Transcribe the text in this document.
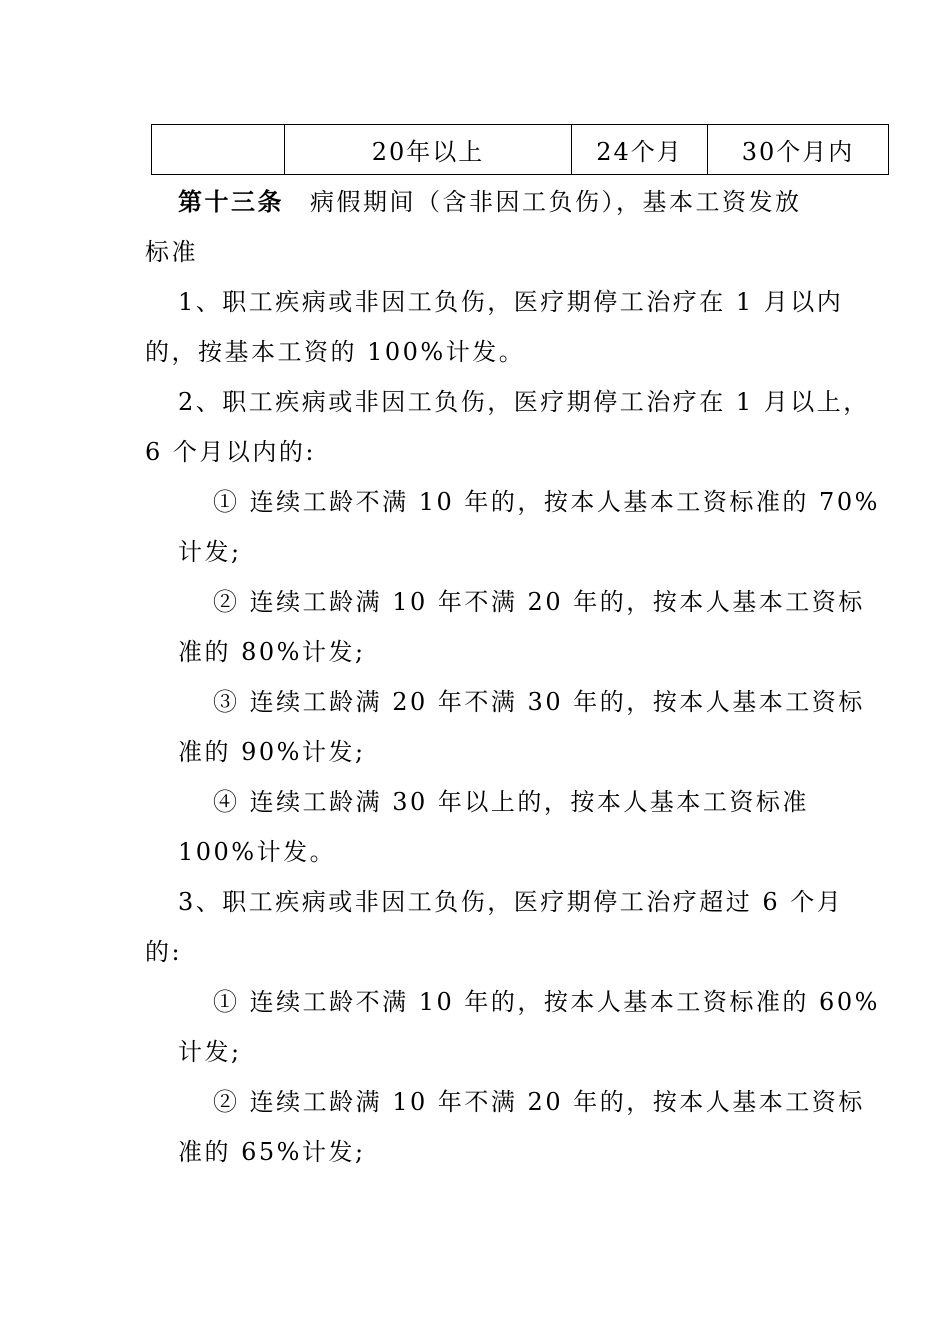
	20年以上	24个月	30个月内
第十三条 病假期间（含非因工负伤），基本工资发放
标准
1、职工疾病或非因工负伤，医疗期停工治疗在 1 月以内
的，按基本工资的 100%计发。
2、职工疾病或非因工负伤，医疗期停工治疗在 1 月以上，
6 个月以内的:
① 连续工龄不满 10 年的，按本人基本工资标准的 70%
计发;
② 连续工龄满 10 年不满 20 年的，按本人基本工资标
准的 80%计发;
③ 连续工龄满 20 年不满 30 年的，按本人基本工资标
准的 90%计发;
④ 连续工龄满 30 年以上的，按本人基本工资标准
100%计发。
3、职工疾病或非因工负伤，医疗期停工治疗超过 6 个月
的:
① 连续工龄不满 10 年的，按本人基本工资标准的 60%
计发;
② 连续工龄满 10 年不满 20 年的，按本人基本工资标
准的 65%计发;
